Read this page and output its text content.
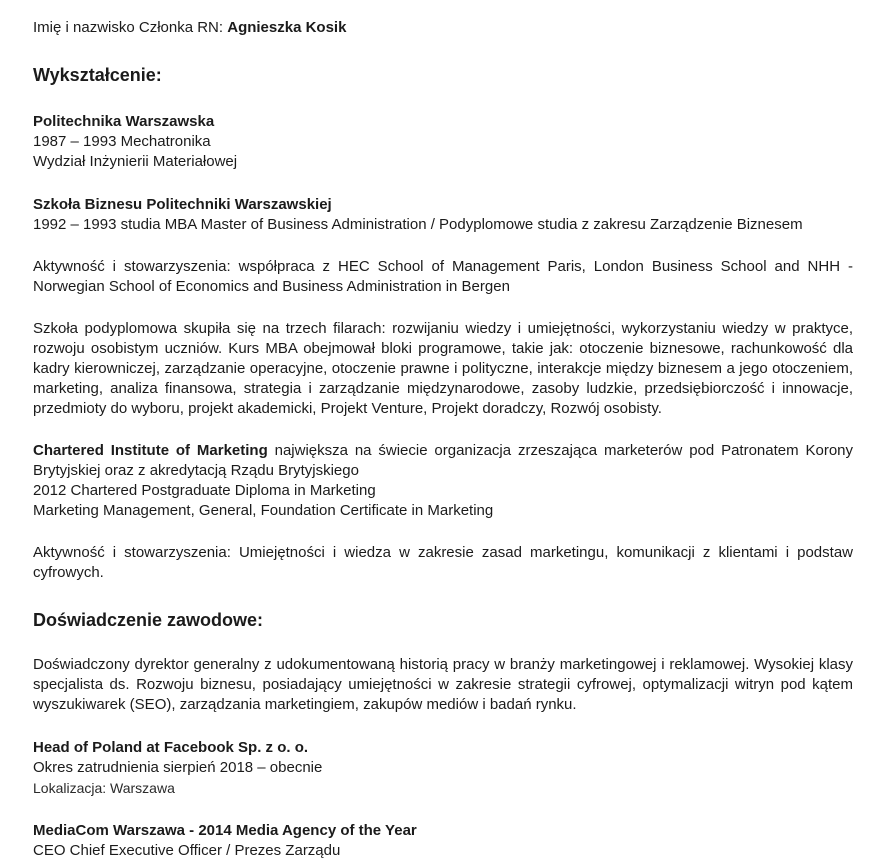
Imię i nazwisko Członka RN: Agnieszka Kosik

Wykształcenie:

Politechnika Warszawska

1987 – 1993 Mechatronika

Wydział Inżynierii Materiałowej

Szkoła Biznesu Politechniki Warszawskiej

1992 – 1993 studia MBA Master of Business Administration / Podyplomowe studia z zakresu Zarządzenie Biznesem

Aktywność i stowarzyszenia: współpraca z HEC School of Management Paris, London Business School and NHH - Norwegian School of Economics and Business Administration in Bergen

Szkoła podyplomowa skupiła się na trzech filarach: rozwijaniu wiedzy i umiejętności, wykorzystaniu wiedzy w praktyce, rozwoju osobistym uczniów. Kurs MBA obejmował bloki programowe, takie jak: otoczenie biznesowe, rachunkowość dla kadry kierowniczej, zarządzanie operacyjne, otoczenie prawne i polityczne, interakcje między biznesem a jego otoczeniem, marketing, analiza finansowa, strategia i zarządzanie międzynarodowe, zasoby ludzkie, przedsiębiorczość i innowacje, przedmioty do wyboru, projekt akademicki, Projekt Venture, Projekt doradczy, Rozwój osobisty.

Chartered Institute of Marketing największa na świecie organizacja zrzeszająca marketerów pod Patronatem Korony Brytyjskiej oraz z akredytacją Rządu Brytyjskiego

2012 Chartered Postgraduate Diploma in Marketing

Marketing Management, General, Foundation Certificate in Marketing

Aktywność i stowarzyszenia: Umiejętności i wiedza w zakresie zasad marketingu, komunikacji z klientami i podstaw cyfrowych.

Doświadczenie zawodowe:

Doświadczony dyrektor generalny z udokumentowaną historią pracy w branży marketingowej i reklamowej. Wysokiej klasy specjalista ds. Rozwoju biznesu, posiadający umiejętności w zakresie strategii cyfrowej, optymalizacji witryn pod kątem wyszukiwarek (SEO), zarządzania marketingiem, zakupów mediów i badań rynku.

Head of Poland at Facebook Sp. z o. o.

Okres zatrudnienia sierpień 2018 – obecnie

Lokalizacja: Warszawa

MediaCom Warszawa - 2014 Media Agency of the Year

CEO Chief Executive Officer / Prezes Zarządu
